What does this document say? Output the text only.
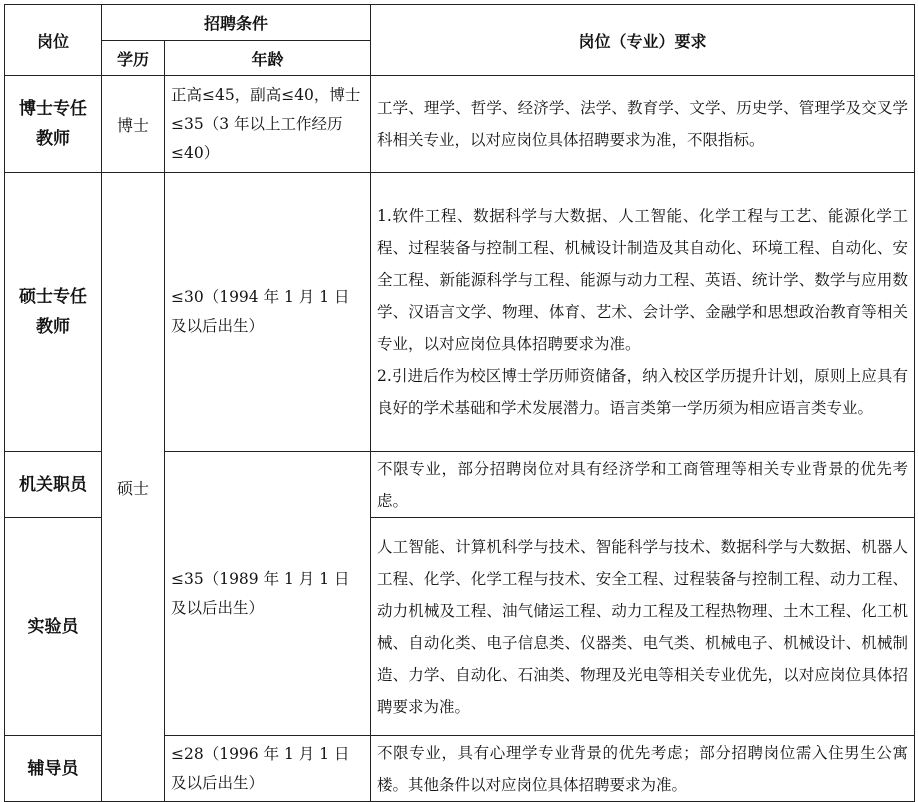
岗位	招聘条件		岗位（专业）要求
	学历	年龄	
博士专任教师	博士	正高≤45，副高≤40，博士≤35（3 年以上工作经历≤40）	工学、理学、哲学、经济学、法学、教育学、文学、历史学、管理学及交叉学科相关专业，以对应岗位具体招聘要求为准，不限指标。
硕士专任教师	硕士	≤30（1994 年 1 月 1 日及以后出生）	1.软件工程、数据科学与大数据、人工智能、化学工程与工艺、能源化学工程、过程装备与控制工程、机械设计制造及其自动化、环境工程、自动化、安全工程、新能源科学与工程、能源与动力工程、英语、统计学、数学与应用数学、汉语言文学、物理、体育、艺术、会计学、金融学和思想政治教育等相关专业，以对应岗位具体招聘要求为准。

2.引进后作为校区博士学历师资储备，纳入校区学历提升计划，原则上应具有良好的学术基础和学术发展潜力。语言类第一学历须为相应语言类专业。

机关职员		≤35（1989 年 1 月 1 日及以后出生）	不限专业，部分招聘岗位对具有经济学和工商管理等相关专业背景的优先考虑。
实验员			人工智能、计算机科学与技术、智能科学与技术、数据科学与大数据、机器人工程、化学、化学工程与技术、安全工程、过程装备与控制工程、动力工程、动力机械及工程、油气储运工程、动力工程及工程热物理、土木工程、化工机械、自动化类、电子信息类、仪器类、电气类、机械电子、机械设计、机械制造、力学、自动化、石油类、物理及光电等相关专业优先，以对应岗位具体招聘要求为准。
辅导员		≤28（1996 年 1 月 1 日及以后出生）	不限专业，具有心理学专业背景的优先考虑；部分招聘岗位需入住男生公寓楼。其他条件以对应岗位具体招聘要求为准。
